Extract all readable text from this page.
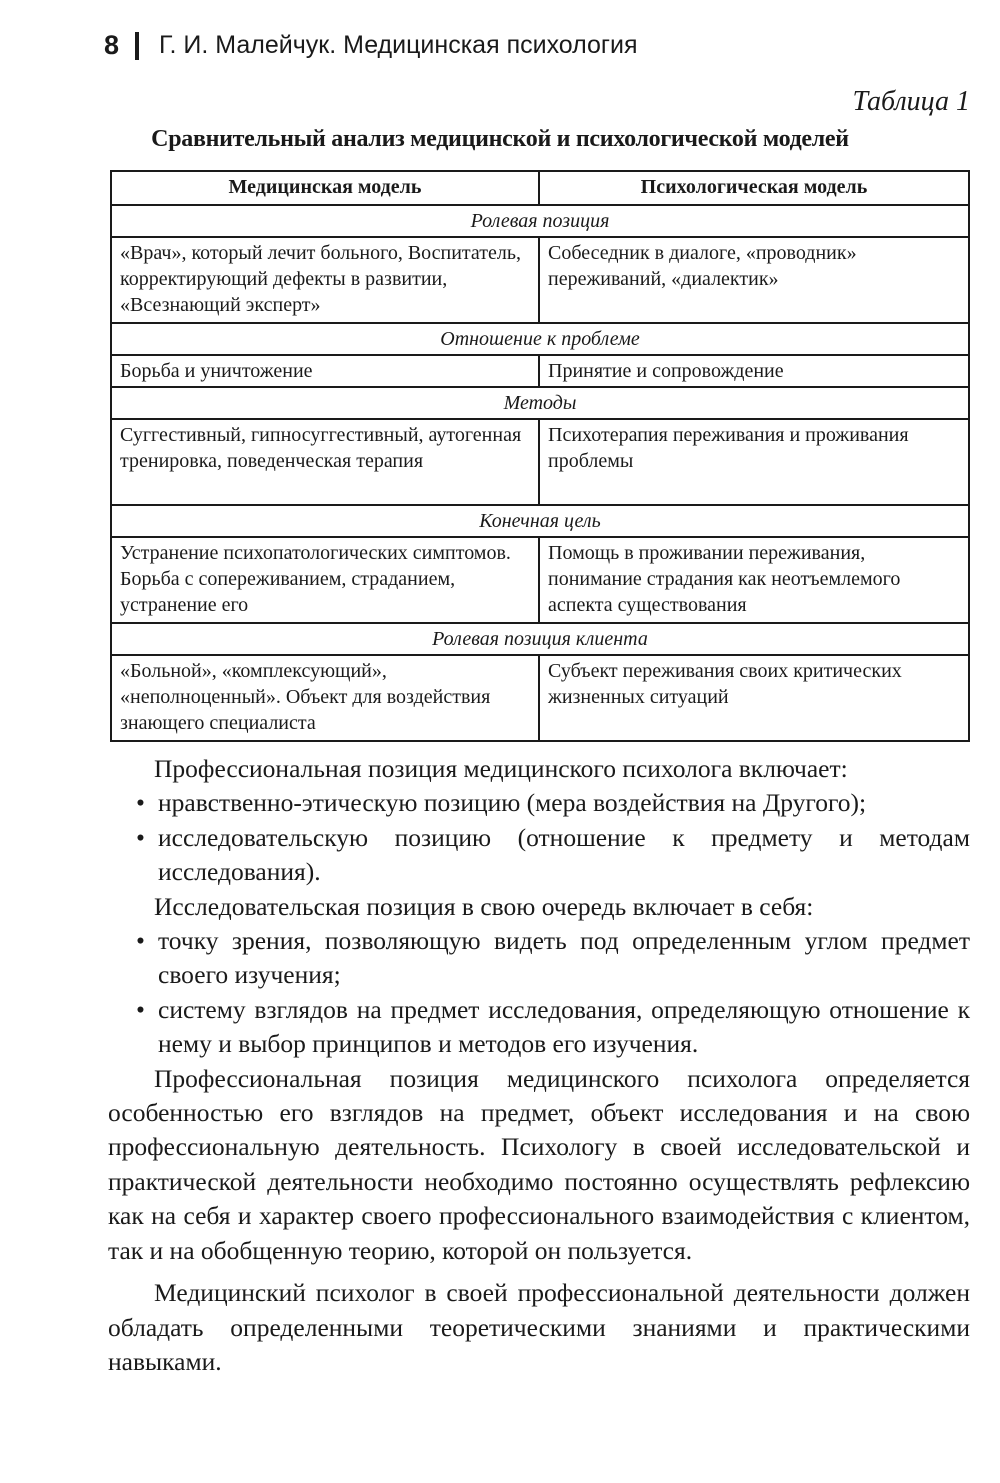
8 Г. И. Малейчук. Медицинская психология
Таблица 1
Сравнительный анализ медицинской и психологической моделей
Медицинская модель	Психологическая модель
Ролевая позиция	
«Врач», который лечит больного, Воспитатель, корректирующий дефекты в развитии, «Всезнающий эксперт»	Собеседник в диалоге, «проводник» переживаний, «диалектик»
Отношение к проблеме	
Борьба и уничтожение	Принятие и сопровождение
Методы	
Суггестивный, гипносуггестивный, аутогенная тренировка, поведенческая терапия	Психотерапия переживания и проживания проблемы
Конечная цель	
Устранение психопатологических симптомов. Борьба с сопереживанием, страданием, устранение его	Помощь в проживании переживания, понимание страдания как неотъемлемого аспекта существования
Ролевая позиция клиента	
«Больной», «комплексующий», «неполноценный». Объект для воздействия знающего специалиста	Субъект переживания своих критических жизненных ситуаций

Профессиональная позиция медицинского психолога включает:

• нравственно-этическую позицию (мера воздействия на Другого);
• исследовательскую позицию (отношение к предмету и методам исследования).

Исследовательская позиция в свою очередь включает в себя:

• точку зрения, позволяющую видеть под определенным углом предмет своего изучения;
• систему взглядов на предмет исследования, определяющую отношение к нему и выбор принципов и методов его изучения.

Профессиональная позиция медицинского психолога определяется особенностью его взглядов на предмет, объект исследования и на свою профессиональную деятельность. Психологу в своей исследовательской и практической деятельности необходимо постоянно осуществлять рефлексию как на себя и характер своего профессионального взаимодействия с клиентом, так и на обобщенную теорию, которой он пользуется.

Медицинский психолог в своей профессиональной деятельности должен обладать определенными теоретическими знаниями и практическими навыками.
